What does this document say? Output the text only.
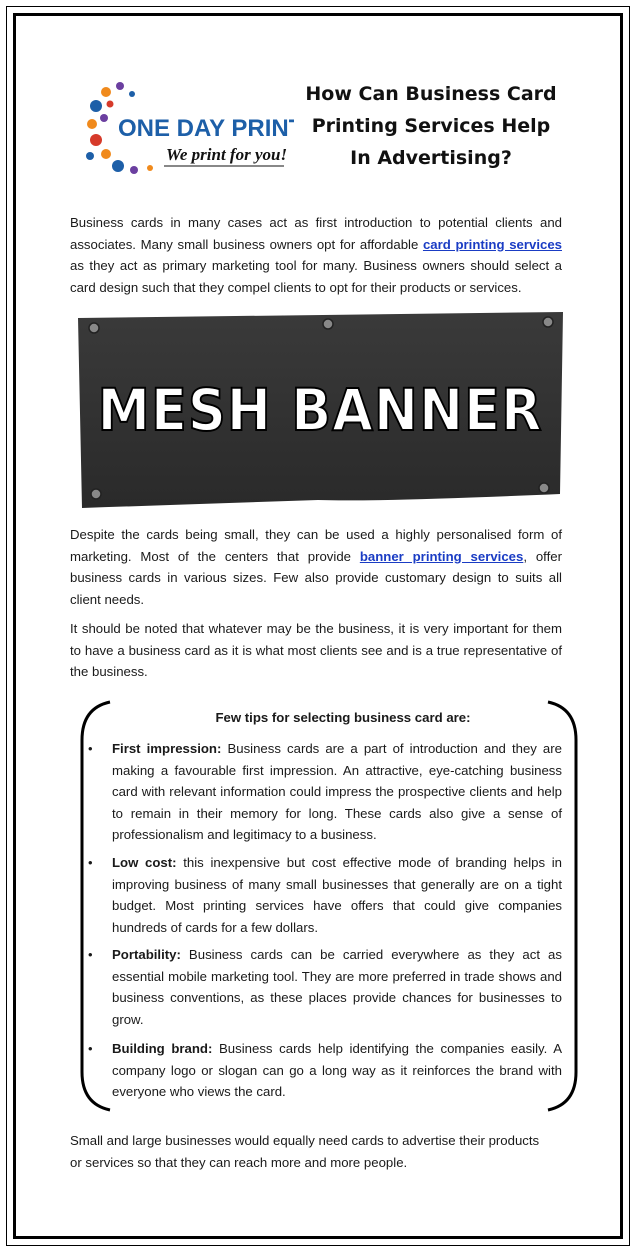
ONE DAY PRINT
We print for you!
How Can Business Card
Printing Services Help
In Advertising?
Business cards in many cases act as first introduction to potential clients and associates. Many small business owners opt for affordable card printing services as they act as primary marketing tool for many. Business owners should select a card design such that they compel clients to opt for their products or services.
MESH BANNER
Despite the cards being small, they can be used a highly personalised form of marketing. Most of the centers that provide banner printing services, offer business cards in various sizes. Few also provide customary design to suits all client needs.
It should be noted that whatever may be the business, it is very important for them to have a business card as it is what most clients see and is a true representative of the business.
Few tips for selecting business card are:
• First impression: Business cards are a part of introduction and they are making a favourable first impression. An attractive, eye-catching business card with relevant information could impress the prospective clients and help to remain in their memory for long. These cards also give a sense of professionalism and legitimacy to a business.
• Low cost: this inexpensive but cost effective mode of branding helps in improving business of many small businesses that generally are on a tight budget. Most printing services have offers that could give companies hundreds of cards for a few dollars.
• Portability: Business cards can be carried everywhere as they act as essential mobile marketing tool. They are more preferred in trade shows and business conventions, as these places provide chances for businesses to grow.
• Building brand: Business cards help identifying the companies easily. A company logo or slogan can go a long way as it reinforces the brand with everyone who views the card.
Small and large businesses would equally need cards to advertise their products or services so that they can reach more and more people.
